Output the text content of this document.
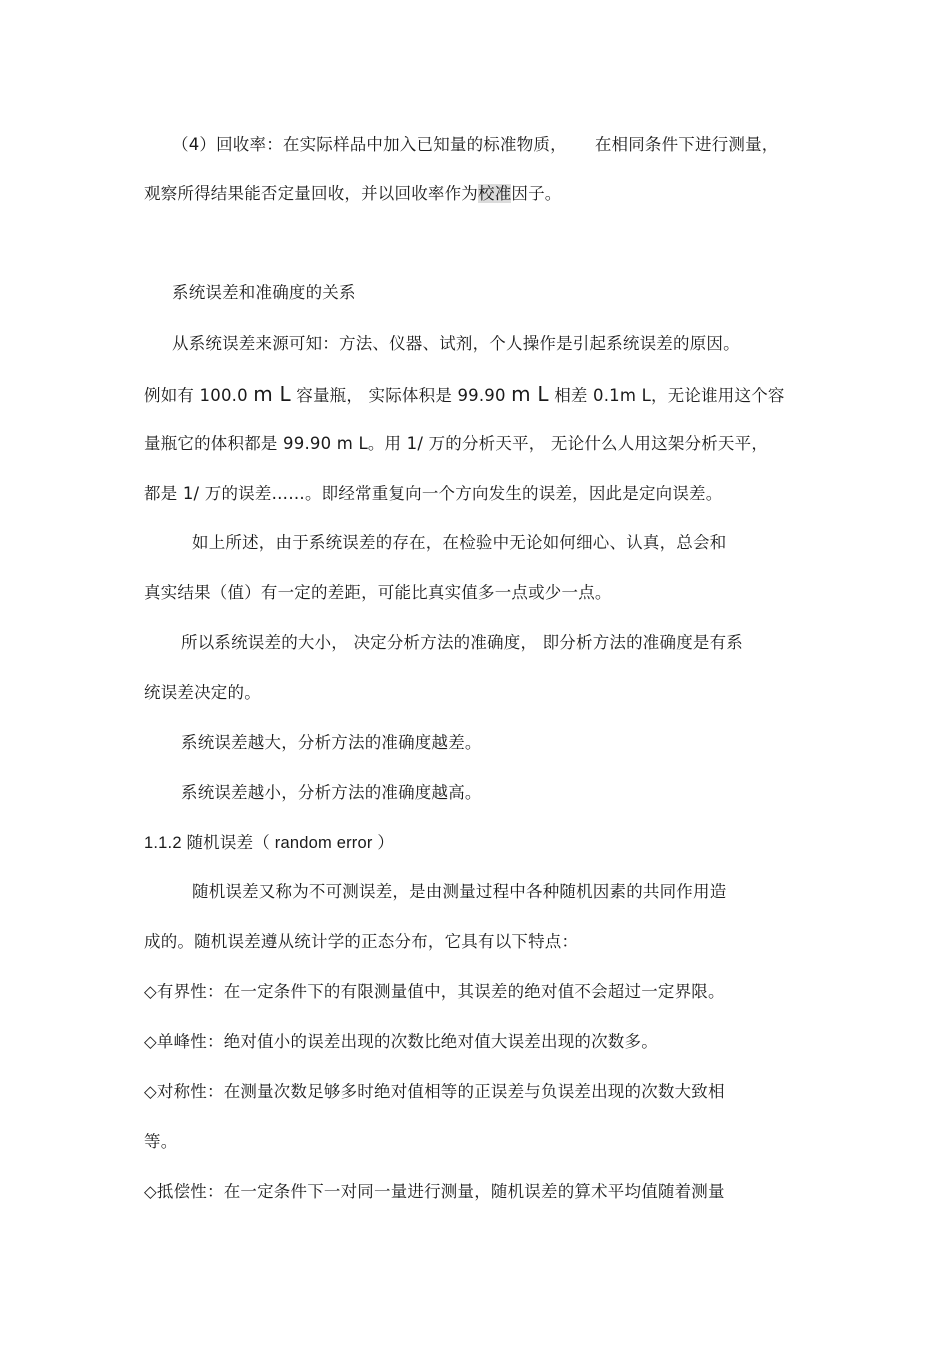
（4）回收率：在实际样品中加入已知量的标准物质， 在相同条件下进行测量，
观察所得结果能否定量回收，并以回收率作为校准因子。
系统误差和准确度的关系
从系统误差来源可知：方法、仪器、试剂，个人操作是引起系统误差的原因。
例如有 100.0 m L 容量瓶， 实际体积是 99.90 m L 相差 0.1m L，无论谁用这个容
量瓶它的体积都是 99.90 m L。用 1/ 万的分析天平， 无论什么人用这架分析天平，
都是 1/ 万的误差……。即经常重复向一个方向发生的误差，因此是定向误差。
如上所述，由于系统误差的存在，在检验中无论如何细心、认真，总会和
真实结果（值）有一定的差距，可能比真实值多一点或少一点。
所以系统误差的大小， 决定分析方法的准确度， 即分析方法的准确度是有系
统误差决定的。
系统误差越大，分析方法的准确度越差。
系统误差越小，分析方法的准确度越高。
1.1.2 随机误差（ random error ）
随机误差又称为不可测误差，是由测量过程中各种随机因素的共同作用造
成的。随机误差遵从统计学的正态分布，它具有以下特点：
◇有界性：在一定条件下的有限测量值中，其误差的绝对值不会超过一定界限。
◇单峰性：绝对值小的误差出现的次数比绝对值大误差出现的次数多。
◇对称性：在测量次数足够多时绝对值相等的正误差与负误差出现的次数大致相
等。
◇抵偿性：在一定条件下一对同一量进行测量，随机误差的算术平均值随着测量
